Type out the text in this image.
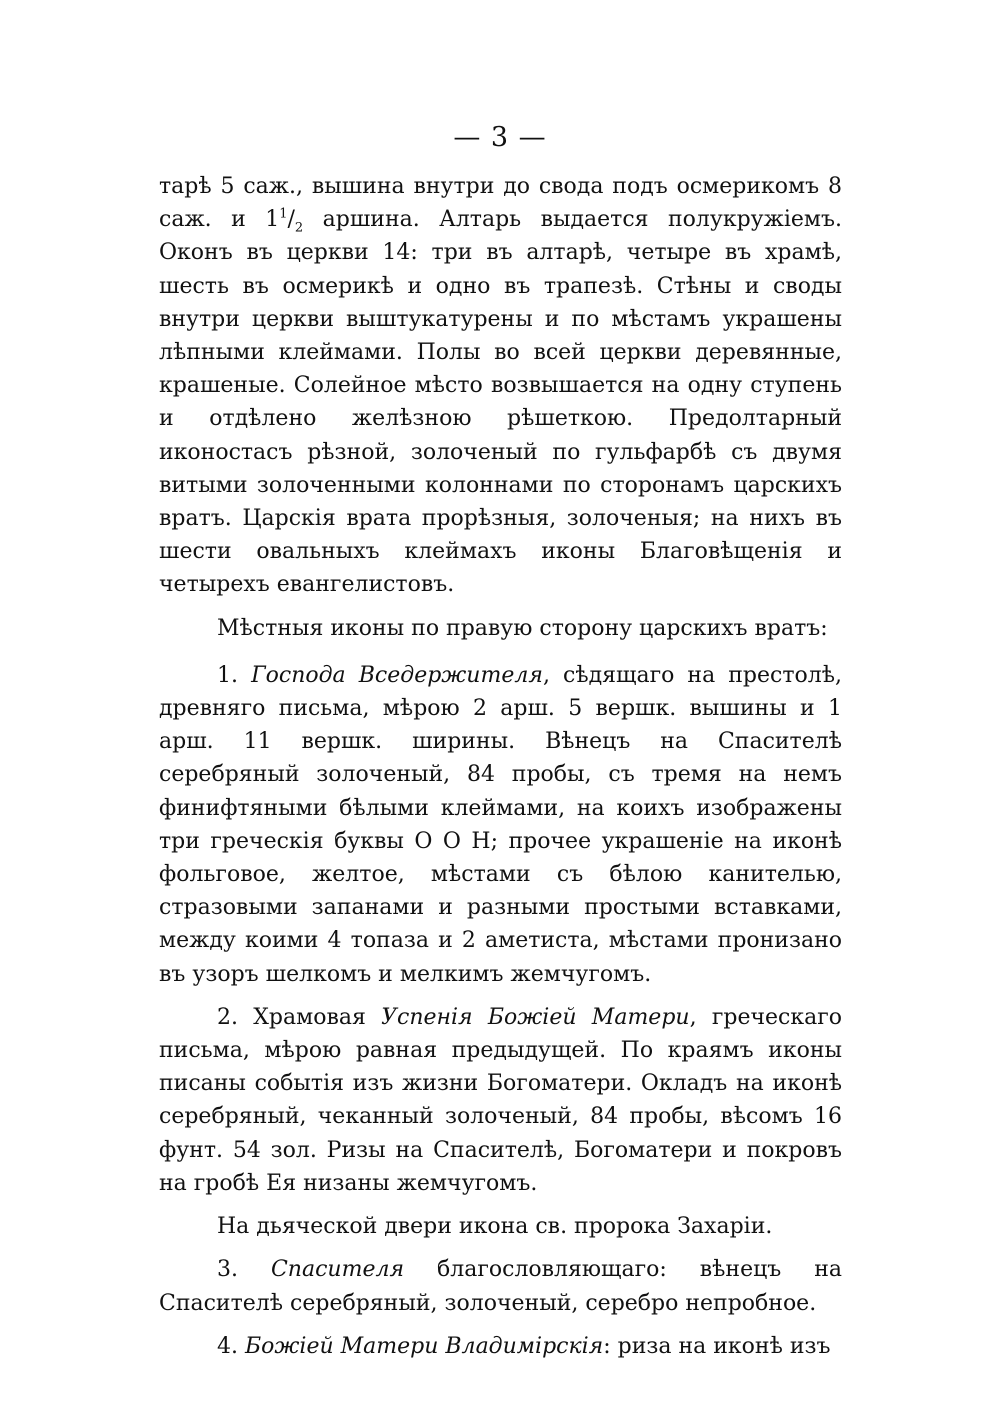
— 3 —

тарѣ 5 саж., вышина внутри до свода подъ осмерикомъ 8 саж. и $1^1/_2$ аршина. Алтарь выдается полукружіемъ. Оконъ въ церкви 14: три въ алтарѣ, четыре въ храмѣ, шесть въ осмерикѣ и одно въ трапезѣ. Стѣны и своды внутри церкви выштукатурены и по мѣстамъ украшены лѣпными клеймами. Полы во всей церкви деревянные, крашеные. Солейное мѣсто возвышается на одну ступень и отдѣлено желѣзною рѣшеткою. Предолтарный иконостасъ рѣзной, золоченый по гульфарбѣ съ двумя витыми золоченными колоннами по сторонамъ царскихъ вратъ. Царскія врата прорѣзныя, золоченыя; на нихъ въ шести овальныхъ клеймахъ иконы Благовѣщенія и четырехъ евангелистовъ.

Мѣстныя иконы по правую сторону царскихъ вратъ:

1. Господа Вседержителя, сѣдящаго на престолѣ, древняго письма, мѣрою 2 арш. 5 вершк. вышины и 1 арш. 11 вершк. ширины. Вѣнецъ на Спасителѣ серебряный золоченый, 84 пробы, съ тремя на немъ финифтяными бѣлыми клеймами, на коихъ изображены три греческія буквы О О Н; прочее украшеніе на иконѣ фольговое, желтое, мѣстами съ бѣлою канителью, стразовыми запанами и разными простыми вставками, между коими 4 топаза и 2 аметиста, мѣстами пронизано въ узоръ шелкомъ и мелкимъ жемчугомъ.

2. Храмовая Успенія Божіей Матери, греческаго письма, мѣрою равная предыдущей. По краямъ иконы писаны событія изъ жизни Богоматери. Окладъ на иконѣ серебряный, чеканный золоченый, 84 пробы, вѣсомъ 16 фунт. 54 зол. Ризы на Спасителѣ, Богоматери и покровъ на гробѣ Ея низаны жемчугомъ.

На дьяческой двери икона св. пророка Захаріи.

3. Спасителя благословляющаго: вѣнецъ на Спасителѣ серебряный, золоченый, серебро непробное.

4. Божіей Матери Владимірскія: риза на иконѣ изъ
